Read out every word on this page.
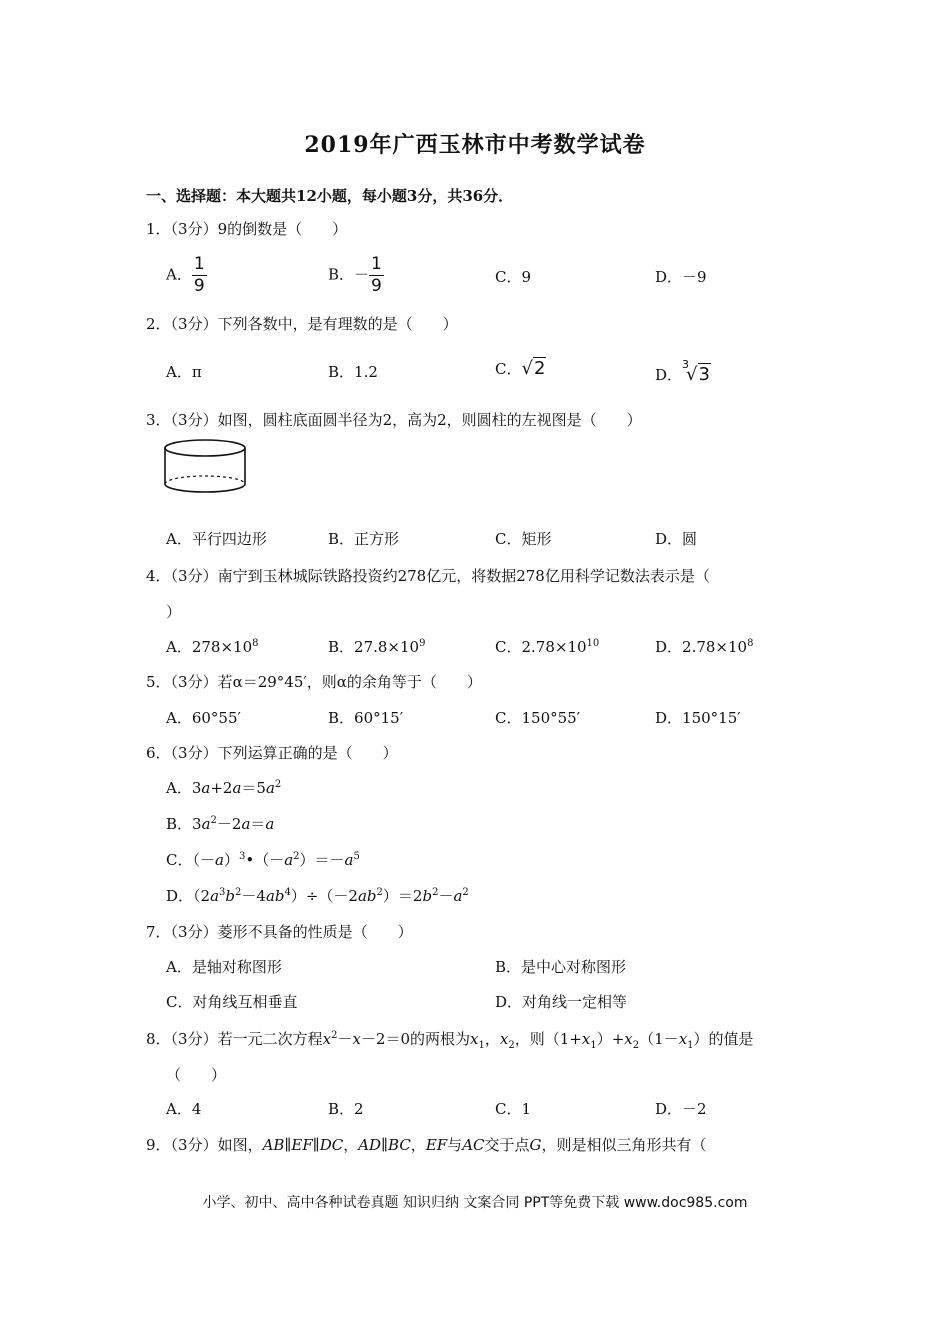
2019年广西玉林市中考数学试卷
一、选择题：本大题共12小题，每小题3分，共36分．
1．（3分）9的倒数是（　　）
A． $\frac{1}{9}$	B．－ $\frac{1}{9}$	C．9	D．－9
2．（3分）下列各数中，是有理数的是（　　）
A．π	B．1.2	C．√2	D．$^3$√3
3．（3分）如图，圆柱底面圆半径为2，高为2，则圆柱的左视图是（　　）
A．平行四边形	B．正方形	C．矩形	D．圆
4．（3分）南宁到玉林城际铁路投资约278亿元，将数据278亿用科学记数法表示是（
）
A．$278\times 10^8$	B．$27.8\times 10^9$	C．$2.78\times 10^{10}$	D．$2.78\times 10^8$
5．（3分）若α＝29°45′，则α的余角等于（　　）
A．60°55′	B．60°15′	C．150°55′	D．150°15′
6．（3分）下列运算正确的是（　　）
A．$3a+2a=5a^2$
B．$3a^2-2a=a$
C．$(-a)^3•(-a^2)=-a^5$
D．$(2a^3b^2-4ab^4)\div(-2ab^2)=2b^2-a^2$
7．（3分）菱形不具备的性质是（　　）
A．是轴对称图形	B．是中心对称图形
C．对角线互相垂直	D．对角线一定相等
8．（3分）若一元二次方程$x^2-x-2=0$的两根为$x_1$，$x_2$，则$(1+x_1)+x_2(1-x_1)$的值是
（　　）
A．4	B．2	C．1	D．－2
9．（3分）如图，AB∥EF∥DC，AD∥BC，EF与AC交于点G，则是相似三角形共有（
小学、初中、高中各种试卷真题 知识归纳 文案合同 PPT等免费下载 www.doc985.com
